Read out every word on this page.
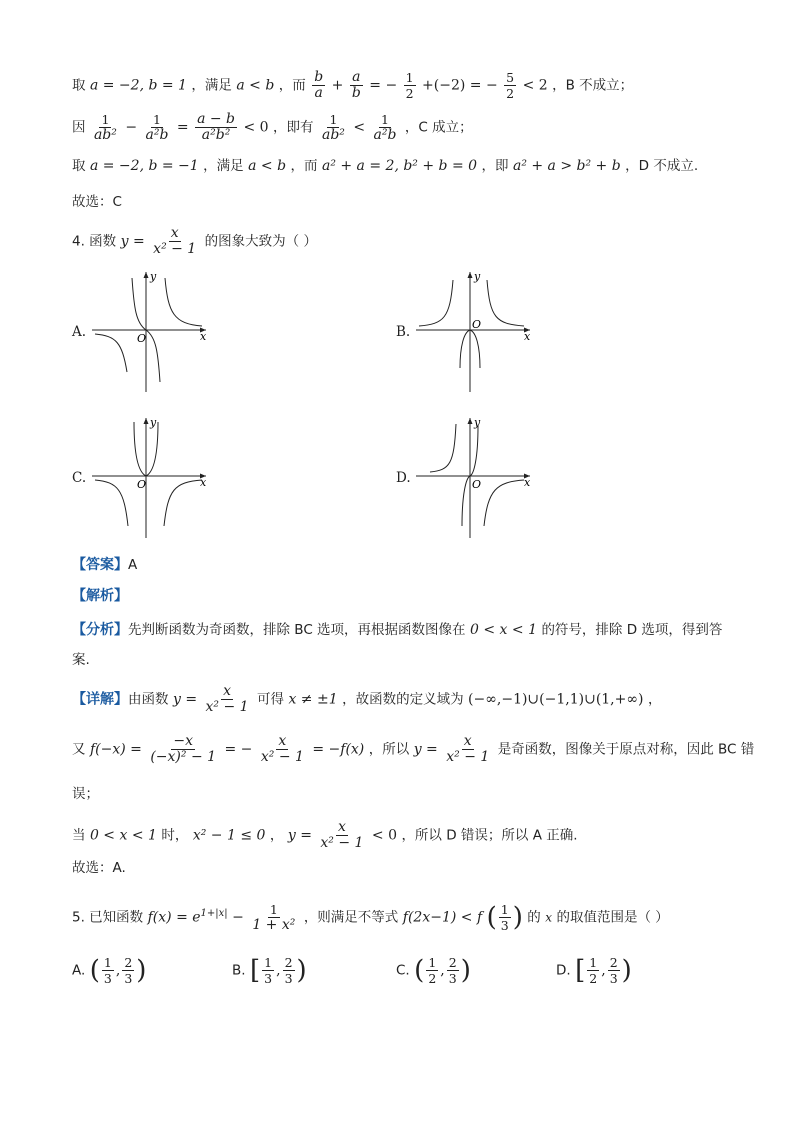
取 a = −2, b = 1 ，满足 a < b ，而 $\frac{b}{a} + \frac{a}{b}$ = − $\frac{1}{2} +(-2)$ = − $\frac{5}{2} < 2$ ，B 不成立；
因 $\frac{1}{\text{ab²}} - \frac{1}{\text{a²b}} = \frac{a - b}{\text{a²b²}} < 0$ ，即有 $\frac{1}{\text{ab²}} < \frac{1}{\text{a²b}}$ ，C 成立；
取 a = −2, b = −1 ，满足 a < b ，而 a² + a = 2, b² + b = 0 ，即 a² + a > b² + b ，D 不成立.
故选：C
4. 函数 $y = \frac{x}{\text{x² − 1}}$ 的图象大致为（ ）
A.	B.
C.	D.
x
y
O	x
y
O
x
y
O	x
y
O
【答案】A
【解析】
【分析】先判断函数为奇函数，排除 BC 选项，再根据函数图像在 0 < x < 1 的符号，排除 D 选项，得到答
案.
【详解】由函数 $y = \frac{x}{\text{x² − 1}}$ 可得 x ≠ ±1 ，故函数的定义域为 (−∞,−1)∪(−1,1)∪(1,+∞) ，
又 $f(-x) = \frac{-x}{\text{(−x)² − 1}}$ = − $\frac{x}{\text{x² − 1}} = -f(x)$ ，所以 $y = \frac{x}{\text{x² − 1}}$ 是奇函数，图像关于原点对称，因此 BC 错
误；
当 0 < x < 1 时， x² − 1 ≤ 0 ， $y = \frac{x}{\text{x² − 1}} < 0$ ，所以 D 错误；所以 A 正确.
故选：A.
5. 已知函数 $f(x) = e^{1+|x|} - \frac{1}{\text{1 + x²}}$ ，则满足不等式 f(2x−1) < f ( $\frac{1}{3}$ ) 的 x 的取值范围是（ ）
A. ( $\frac{1}{3}$ , $\frac{2}{3}$ )	B. [ $\frac{1}{3}$ , $\frac{2}{3}$ )	C. ( $\frac{1}{2}$ , $\frac{2}{3}$ )	D. [ $\frac{1}{2}$ , $\frac{2}{3}$ )
